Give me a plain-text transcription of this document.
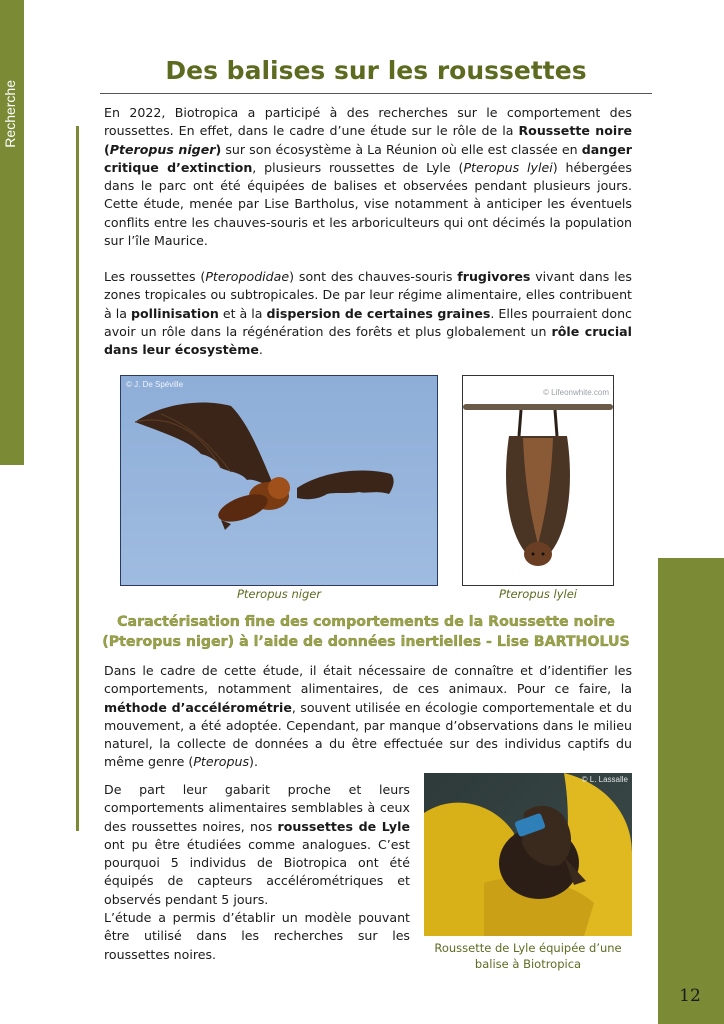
Recherche
Des balises sur les roussettes

En 2022, Biotropica a participé à des recherches sur le comportement des roussettes. En effet, dans le cadre d’une étude sur le rôle de la Roussette noire (Pteropus niger) sur son écosystème à La Réunion où elle est classée en danger critique d’extinction, plusieurs roussettes de Lyle (Pteropus lylei) hébergées dans le parc ont été équipées de balises et observées pendant plusieurs jours. Cette étude, menée par Lise Bartholus, vise notamment à anticiper les éventuels conflits entre les chauves-souris et les arboriculteurs qui ont décimés la population sur l’île Maurice.

Les roussettes (Pteropodidae) sont des chauves-souris frugivores vivant dans les zones tropicales ou subtropicales. De par leur régime alimentaire, elles contribuent à la pollinisation et à la dispersion de certaines graines. Elles pourraient donc avoir un rôle dans la régénération des forêts et plus globalement un rôle crucial dans leur écosystème.

© J. De Spéville
Pteropus niger
© Lifeonwhite.com
Pteropus lylei
Caractérisation fine des comportements de la Roussette noire (Pteropus niger) à l’aide de données inertielles - Lise BARTHOLUS

Dans le cadre de cette étude, il était nécessaire de connaître et d’identifier les comportements, notamment alimentaires, de ces animaux. Pour ce faire, la méthode d’accélérométrie, souvent utilisée en écologie comportementale et du mouvement, a été adoptée. Cependant, par manque d’observations dans le milieu naturel, la collecte de données a du être effectuée sur des individus captifs du même genre (Pteropus).

De part leur gabarit proche et leurs comportements alimentaires semblables à ceux des roussettes noires, nos roussettes de Lyle ont pu être étudiées comme analogues. C’est pourquoi 5 individus de Biotropica ont été équipés de capteurs accélérométriques et observés pendant 5 jours.
L’étude a permis d’établir un modèle pouvant être utilisé dans les recherches sur les roussettes noires.

© L. Lassalle
Roussette de Lyle équipée d’une balise à Biotropica
12
